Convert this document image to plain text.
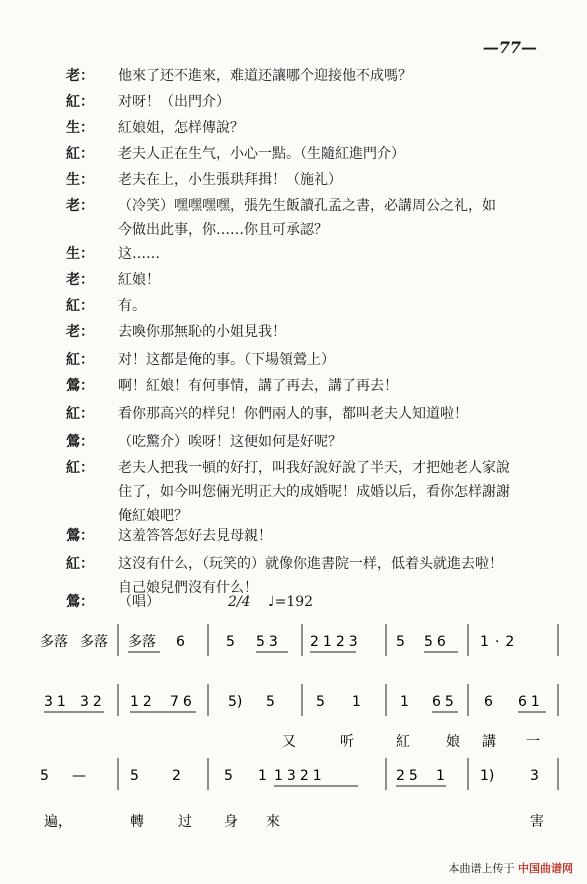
—77—
老： 他來了还不進來，难道还讓哪个迎接他不成嗎？
紅： 对呀！（出門介）
生： 紅娘姐，怎样傳說？
紅： 老夫人正在生气，小心一點。（生隨紅進門介）
生： 老夫在上，小生張珙拜揖！（施礼）
老： （冷笑）嘿嘿嘿嘿，張先生飯讀孔孟之書，必講周公之礼，如
今做出此事，你……你且可承認？
生： 这……
老： 紅娘！
紅： 有。
老： 去喚你那無恥的小姐見我！
紅： 对！这都是俺的事。（下場領鶯上）
鶯： 啊！紅娘！有何事情，講了再去，講了再去！
紅： 看你那高兴的样兒！你們兩人的事，都叫老夫人知道啦！
鶯： （吃驚介）唉呀！这便如何是好呢？
紅： 老夫人把我一頓的好打，叫我好說好說了半天，才把她老人家說
住了，如今叫您倆光明正大的成婚呢！成婚以后，看你怎样謝謝
俺紅娘吧？
鶯： 这羞答答怎好去見母親！
紅： 这沒有什么，（玩笑的）就像你進書院一样，低着头就進去啦！
自己娘兒們沒有什么！
鶯： （唱）	2/4 ♩=192
多落 多落 多落 6	5 53 2123 5 56 1·2
31 32 12 76 5) 5	5 1	1 65 6 61
又	听	紅	娘 講 一
5 —	5 2	5 1 1321	25 1	1)	3
遍，	轉 过 身 來	害
本曲谱上传于 中国曲谱网
